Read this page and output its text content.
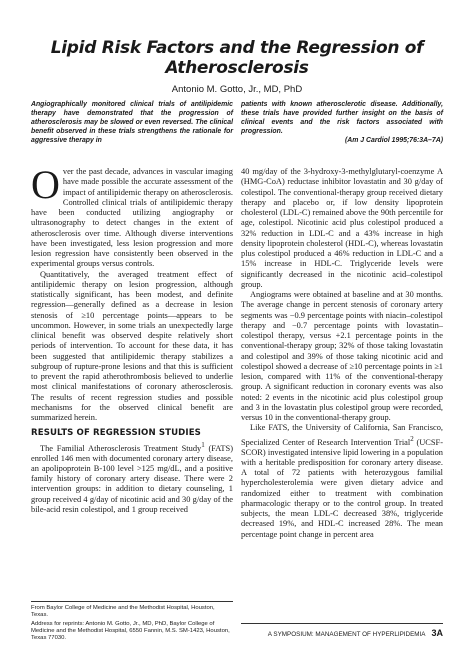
Lipid Risk Factors and the Regression of
Atherosclerosis
Antonio M. Gotto, Jr., MD, PhD
Angiographically monitored clinical trials of antilipidemic therapy have demonstrated that the progression of atherosclerosis may be slowed or even reversed. The clinical benefit observed in these trials strengthens the rationale for aggressive therapy in
patients with known atherosclerotic disease. Additionally, these trials have provided further insight on the basis of clinical events and the risk factors associated with progression.
(Am J Cardiol 1995;76:3A–7A)

Over the past decade, advances in vascular imaging have made possible the accurate assessment of the impact of antilipidemic therapy on atherosclerosis. Controlled clinical trials of antilipidemic therapy have been conducted utilizing angiography or ultrasonography to detect changes in the extent of atherosclerosis over time. Although diverse interventions have been investigated, less lesion progression and more lesion regression have consistently been observed in the experimental groups versus controls.

Quantitatively, the averaged treatment effect of antilipidemic therapy on lesion progression, although statistically significant, has been modest, and definite regression—generally defined as a decrease in lesion stenosis of ≥10 percentage points—appears to be uncommon. However, in some trials an unexpectedly large clinical benefit was observed despite relatively short periods of intervention. To account for these data, it has been suggested that antilipidemic therapy stabilizes a subgroup of rupture-prone lesions and that this is sufficient to prevent the rapid atherothrombosis believed to underlie most clinical manifestations of coronary atherosclerosis. The results of recent regression studies and possible mechanisms for the observed clinical benefit are summarized herein.

RESULTS OF REGRESSION STUDIES

The Familial Atherosclerosis Treatment Study$^1$ (FATS) enrolled 146 men with documented coronary artery disease, an apolipoprotein B-100 level >125 mg/dL, and a positive family history of coronary artery disease. There were 2 intervention groups: in addition to dietary counseling, 1 group received 4 g/day of nicotinic acid and 30 g/day of the bile-acid resin colestipol, and 1 group received

40 mg/day of the 3-hydroxy-3-methylglutaryl-coenzyme A (HMG-CoA) reductase inhibitor lovastatin and 30 g/day of colestipol. The conventional-therapy group received dietary therapy and placebo or, if low density lipoprotein cholesterol (LDL-C) remained above the 90th percentile for age, colestipol. Nicotinic acid plus colestipol produced a 32% reduction in LDL-C and a 43% increase in high density lipoprotein cholesterol (HDL-C), whereas lovastatin plus colestipol produced a 46% reduction in LDL-C and a 15% increase in HDL-C. Triglyceride levels were significantly decreased in the nicotinic acid–colestipol group.

Angiograms were obtained at baseline and at 30 months. The average change in percent stenosis of coronary artery segments was −0.9 percentage points with niacin–colestipol therapy and −0.7 percentage points with lovastatin–colestipol therapy, versus +2.1 percentage points in the conventional-therapy group; 32% of those taking lovastatin and colestipol and 39% of those taking nicotinic acid and colestipol showed a decrease of ≥10 percentage points in ≥1 lesion, compared with 11% of the conventional-therapy group. A significant reduction in coronary events was also noted: 2 events in the nicotinic acid plus colestipol group and 3 in the lovastatin plus colestipol group were recorded, versus 10 in the conventional-therapy group.

Like FATS, the University of California, San Francisco, Specialized Center of Research Intervention Trial$^2$ (UCSF-SCOR) investigated intensive lipid lowering in a population with a heritable predisposition for coronary artery disease. A total of 72 patients with heterozygous familial hypercholesterolemia were given dietary advice and randomized either to treatment with combination pharmacologic therapy or to the control group. In treated subjects, the mean LDL-C decreased 38%, triglyceride decreased 19%, and HDL-C increased 28%. The mean percentage point change in percent area

From Baylor College of Medicine and the Methodist Hospital, Houston, Texas.

Address for reprints: Antonio M. Gotto, Jr., MD, PhD, Baylor College of Medicine and the Methodist Hospital, 6550 Fannin, M.S. SM-1423, Houston, Texas 77030.

A SYMPOSIUM: MANAGEMENT OF HYPERLIPIDEMIA 3A
